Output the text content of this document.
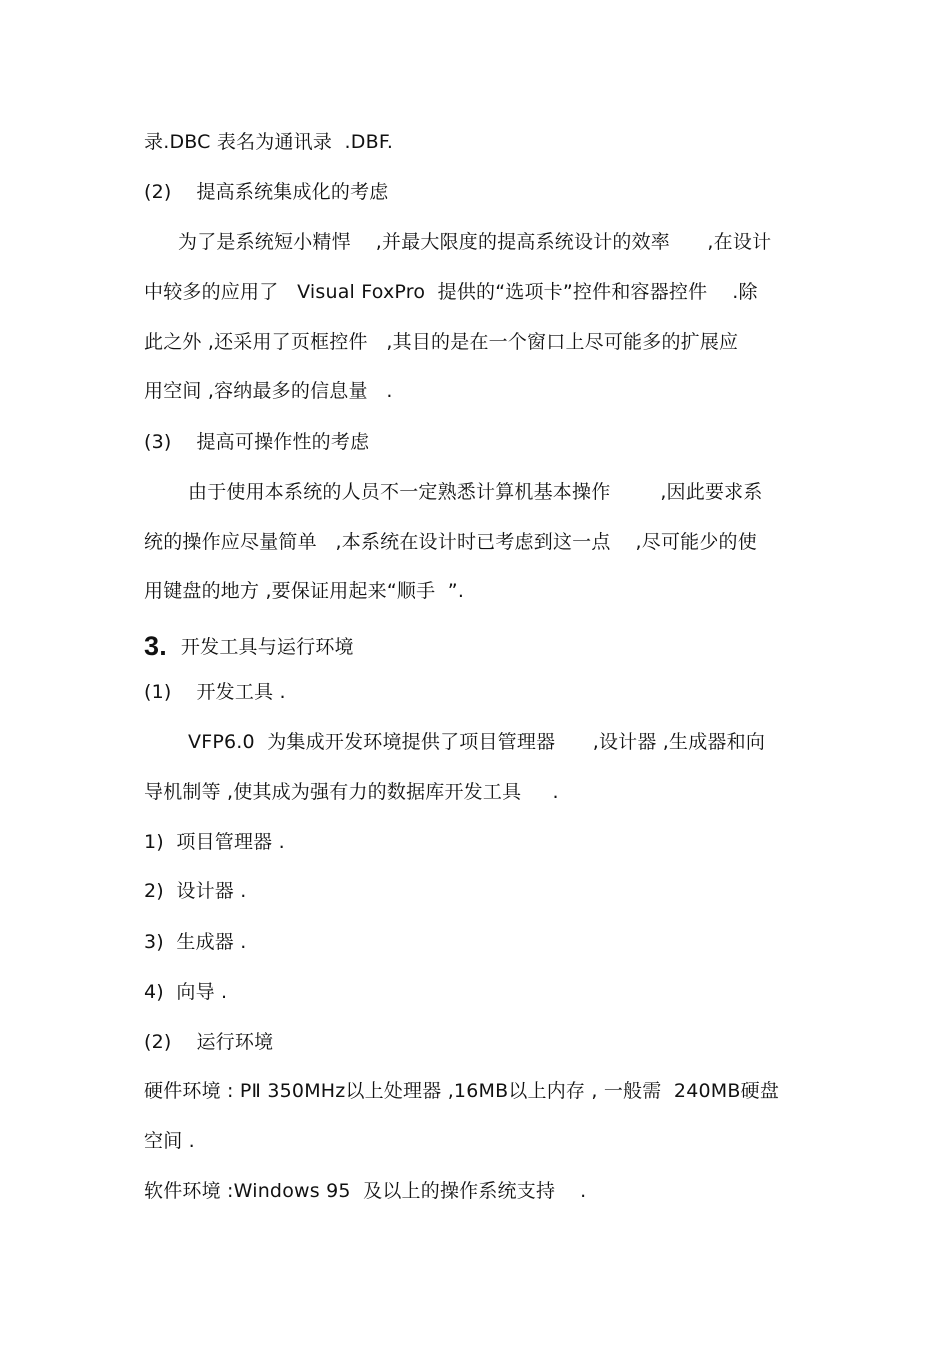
录.DBC 表名为通讯录  .DBF.
(2)    提高系统集成化的考虑
为了是系统短小精悍    ,并最大限度的提高系统设计的效率      ,在设计
中较多的应用了   Visual FoxPro  提供的“选项卡”控件和容器控件    .除
此之外 ,还采用了页框控件   ,其目的是在一个窗口上尽可能多的扩展应
用空间 ,容纳最多的信息量   .
(3)    提高可操作性的考虑
由于使用本系统的人员不一定熟悉计算机基本操作        ,因此要求系
统的操作应尽量简单   ,本系统在设计时已考虑到这一点    ,尽可能少的使
用键盘的地方 ,要保证用起来“顺手  ”.
3. 开发工具与运行环境
(1)    开发工具 .
VFP6.0  为集成开发环境提供了项目管理器      ,设计器 ,生成器和向
导机制等 ,使其成为强有力的数据库开发工具     .
1)  项目管理器 .
2)  设计器 .
3)  生成器 .
4)  向导 .
(2)    运行环境
硬件环境 : PⅡ 350MHz以上处理器 ,16MB以上内存 , 一般需  240MB硬盘
空间 .
软件环境 :Windows 95  及以上的操作系统支持    .
